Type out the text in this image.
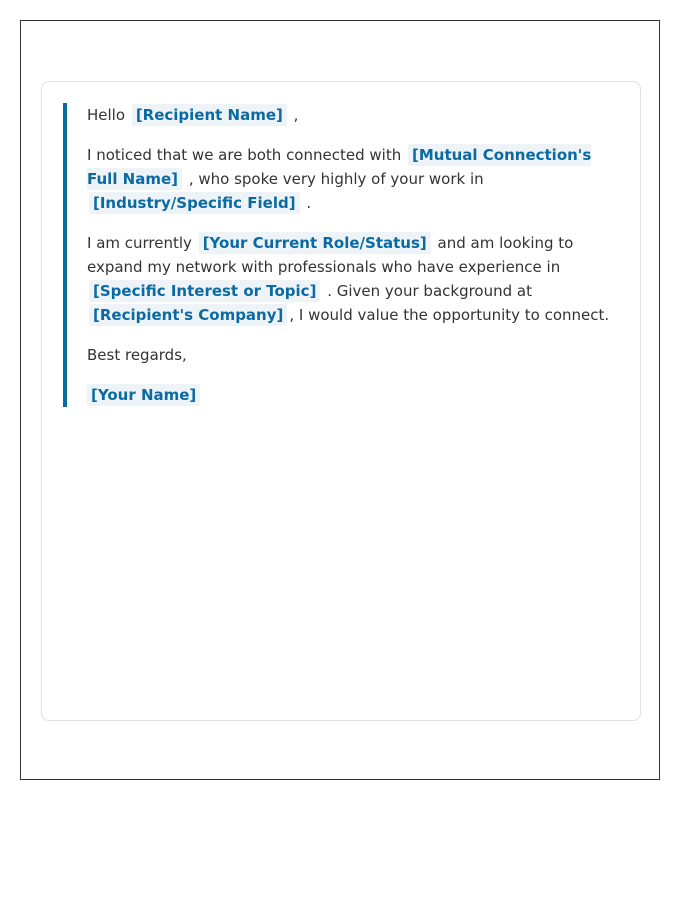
Hello [Recipient Name] ,

I noticed that we are both connected with [Mutual Connection's Full Name] , who spoke very highly of your work in [Industry/Specific Field] .

I am currently [Your Current Role/Status] and am looking to expand my network with professionals who have experience in [Specific Interest or Topic] . Given your background at [Recipient's Company] , I would value the opportunity to connect.

Best regards,

[Your Name]
